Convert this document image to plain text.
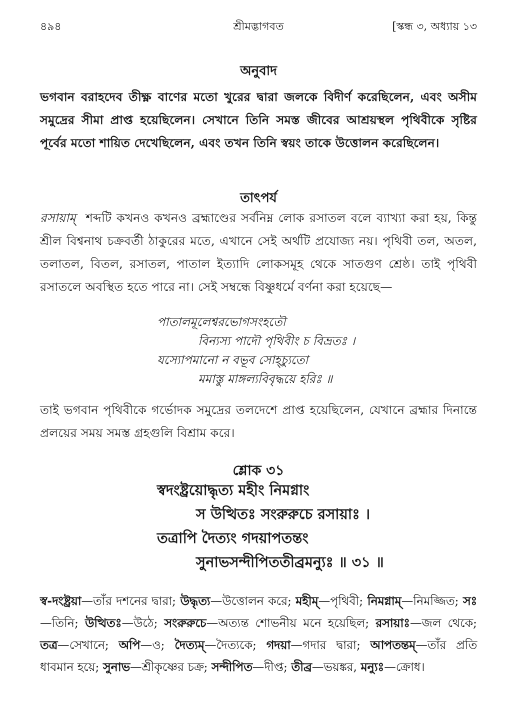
৪৯৪	শ্রীমদ্ভাগবত	[স্কন্ধ ৩, অধ্যায় ১৩
অনুবাদ
ভগবান বরাহদেব তীক্ষ্ণ বাণের মতো খুরের দ্বারা জলকে বিদীর্ণ করেছিলেন, এবং অসীম সমুদ্রের সীমা প্রাপ্ত হয়েছিলেন। সেখানে তিনি সমস্ত জীবের আশ্রয়স্থল পৃথিবীকে সৃষ্টির পূর্বের মতো শায়িত দেখেছিলেন, এবং তখন তিনি স্বয়ং তাকে উত্তোলন করেছিলেন।
তাৎপর্য
রসায়াম্ শব্দটি কখনও কখনও ব্রহ্মাণ্ডের সর্বনিম্ন লোক রসাতল বলে ব্যাখ্যা করা হয়, কিন্তু শ্রীল বিশ্বনাথ চক্রবর্তী ঠাকুরের মতে, এখানে সেই অর্থটি প্রযোজ্য নয়। পৃথিবী তল, অতল, তলাতল, বিতল, রসাতল, পাতাল ইত্যাদি লোকসমূহ থেকে সাতগুণ শ্রেষ্ঠ। তাই পৃথিবী রসাতলে অবস্থিত হতে পারে না। সেই সম্বন্ধে বিষ্ণুধর্মে বর্ণনা করা হয়েছে—
পাতালমূলেশ্বরভোগসংহতৌ
বিন্যস্য পাদৌ পৃথিবীং চ বিভ্রতঃ ।
যস্যোপমানো ন বভূব সোহ্চ্যুতো
মমাস্তু মাঙ্গল্যবিবৃদ্ধয়ে হরিঃ ॥
তাই ভগবান পৃথিবীকে গর্ভোদক সমুদ্রের তলদেশে প্রাপ্ত হয়েছিলেন, যেখানে ব্রহ্মার দিনান্তে প্রলয়ের সময় সমস্ত গ্রহগুলি বিশ্রাম করে।
শ্লোক ৩১
স্বদংষ্ট্রয়োদ্ধৃত্য মহীং নিমগ্নাং
স উত্থিতঃ সংরুরুচে রসায়াঃ ।
তত্রাপি দৈত্যং গদয়াপতন্তং
সুনাভসন্দীপিততীব্রমন্যুঃ ॥ ৩১ ॥
স্ব-দংষ্ট্রয়া—তাঁর দশনের দ্বারা; উদ্ধৃত্য—উত্তোলন করে; মহীম্—পৃথিবী; নিমগ্নাম্—নিমজ্জিত; সঃ—তিনি; উত্থিতঃ—উঠে; সংরুরুচে—অত্যন্ত শোভনীয় মনে হয়েছিল; রসায়াঃ—জল থেকে; তত্র—সেখানে; অপি—ও; দৈত্যম্—দৈত্যকে; গদয়া—গদার দ্বারা; আপতন্তম্—তাঁর প্রতি ধাবমান হয়ে; সুনাভ—শ্রীকৃষ্ণের চক্র; সন্দীপিত—দীপ্ত; তীব্র—ভয়ঙ্কর, মন্যুঃ—ক্রোধ।
